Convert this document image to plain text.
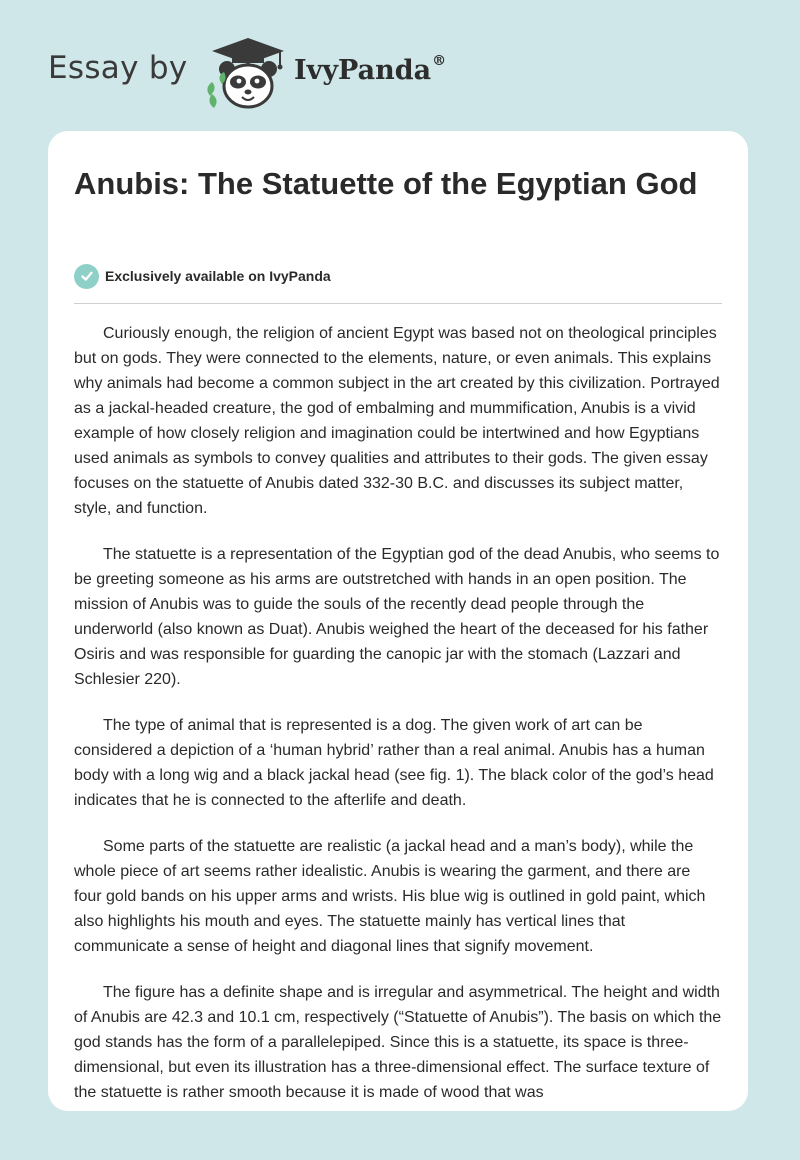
Essay by	IvyPanda®
Anubis: The Statuette of the Egyptian God
Exclusively available on IvyPanda

Curiously enough, the religion of ancient Egypt was based not on theological principles but on gods. They were connected to the elements, nature, or even animals. This explains why animals had become a common subject in the art created by this civilization. Portrayed as a jackal-headed creature, the god of embalming and mummification, Anubis is a vivid example of how closely religion and imagination could be intertwined and how Egyptians used animals as symbols to convey qualities and attributes to their gods. The given essay focuses on the statuette of Anubis dated 332-30 B.C. and discusses its subject matter, style, and function.

The statuette is a representation of the Egyptian god of the dead Anubis, who seems to be greeting someone as his arms are outstretched with hands in an open position. The mission of Anubis was to guide the souls of the recently dead people through the underworld (also known as Duat). Anubis weighed the heart of the deceased for his father Osiris and was responsible for guarding the canopic jar with the stomach (Lazzari and Schlesier 220).

The type of animal that is represented is a dog. The given work of art can be considered a depiction of a ‘human hybrid’ rather than a real animal. Anubis has a human body with a long wig and a black jackal head (see fig. 1). The black color of the god’s head indicates that he is connected to the afterlife and death.

Some parts of the statuette are realistic (a jackal head and a man’s body), while the whole piece of art seems rather idealistic. Anubis is wearing the garment, and there are four gold bands on his upper arms and wrists. His blue wig is outlined in gold paint, which also highlights his mouth and eyes. The statuette mainly has vertical lines that communicate a sense of height and diagonal lines that signify movement.

The figure has a definite shape and is irregular and asymmetrical. The height and width of Anubis are 42.3 and 10.1 cm, respectively (“Statuette of Anubis”). The basis on which the god stands has the form of a parallelepiped. Since this is a statuette, its space is three-dimensional, but even its illustration has a three-dimensional effect. The surface texture of the statuette is rather smooth because it is made of wood that was
